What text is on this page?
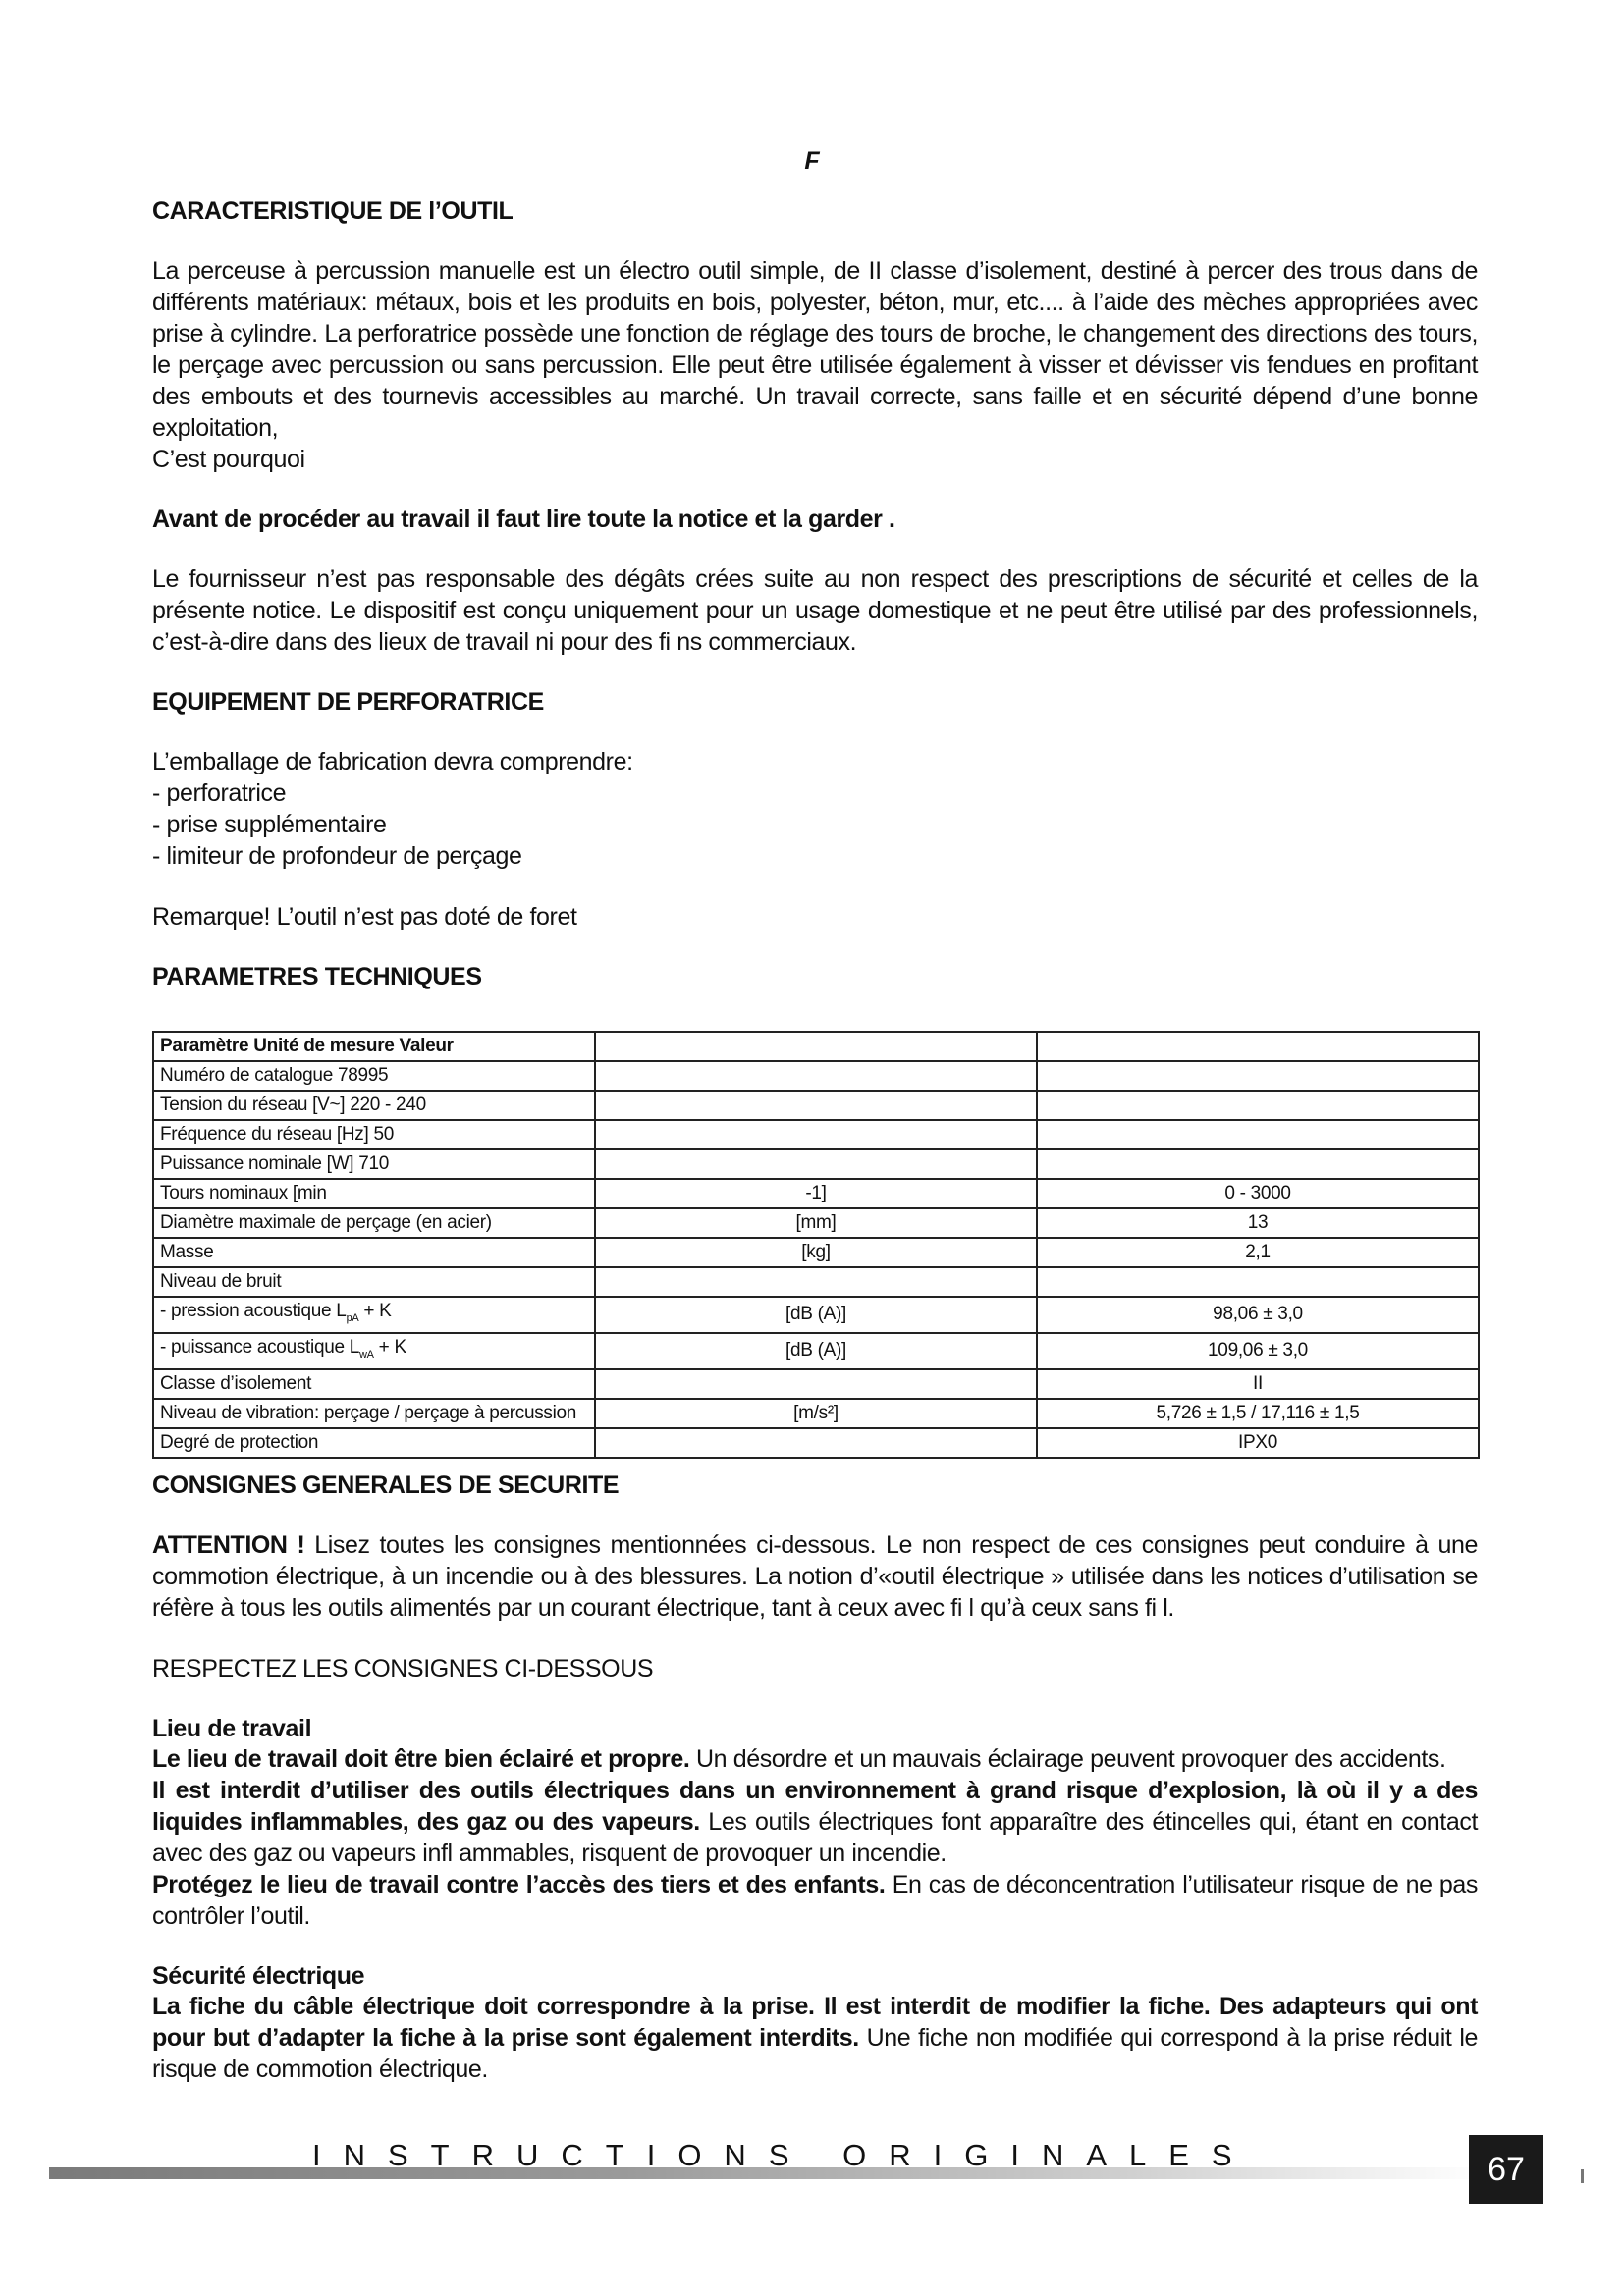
F
CARACTERISTIQUE DE l’OUTIL

La perceuse à percussion manuelle est un électro outil simple, de II classe d’isolement, destiné à percer des trous dans de différents matériaux: métaux, bois et les produits en bois, polyester, béton, mur, etc.... à l’aide des mèches appropriées avec prise à cylindre. La perforatrice possède une fonction de réglage des tours de broche, le changement des directions des tours, le perçage avec percussion ou sans percussion. Elle peut être utilisée également à visser et dévisser vis fendues en profitant des embouts et des tournevis accessibles au marché. Un travail correcte, sans faille et en sécurité dépend d’une bonne exploitation,
C’est pourquoi

Avant de procéder au travail il faut lire toute la notice et la garder .

Le fournisseur n’est pas responsable des dégâts crées suite au non respect des prescriptions de sécurité et celles de la présente notice. Le dispositif est conçu uniquement pour un usage domestique et ne peut être utilisé par des professionnels, c’est-à-dire dans des lieux de travail ni pour des fi ns commerciaux.

EQUIPEMENT DE PERFORATRICE

L’emballage de fabrication devra comprendre:

- perforatrice

- prise supplémentaire

- limiteur de profondeur de perçage

Remarque! L’outil n’est pas doté de foret

PARAMETRES TECHNIQUES
Paramètre Unité de mesure Valeur		
Numéro de catalogue 78995		
Tension du réseau [V~] 220 - 240		
Fréquence du réseau [Hz] 50		
Puissance nominale [W] 710		
Tours nominaux [min	-1]	0 - 3000
Diamètre maximale de perçage (en acier)	[mm]	13
Masse	[kg]	2,1
Niveau de bruit		
- pression acoustique $L_{pA} + K$	[dB (A)]	98,06 ± 3,0
- puissance acoustique $L_{wA} + K$	[dB (A)]	109,06 ± 3,0
Classe d’isolement		II
Niveau de vibration: perçage / perçage à percussion	[m/s²]	5,726 ± 1,5 / 17,116 ± 1,5
Degré de protection		IPX0
CONSIGNES GENERALES DE SECURITE

ATTENTION ! Lisez toutes les consignes mentionnées ci-dessous. Le non respect de ces consignes peut conduire à une commotion électrique, à un incendie ou à des blessures. La notion d’«outil électrique » utilisée dans les notices d’utilisation se réfère à tous les outils alimentés par un courant électrique, tant à ceux avec fi l qu’à ceux sans fi l.

RESPECTEZ LES CONSIGNES CI-DESSOUS

Lieu de travail

Le lieu de travail doit être bien éclairé et propre. Un désordre et un mauvais éclairage peuvent provoquer des accidents.

Il est interdit d’utiliser des outils électriques dans un environnement à grand risque d’explosion, là où il y a des liquides inflammables, des gaz ou des vapeurs. Les outils électriques font apparaître des étincelles qui, étant en contact avec des gaz ou vapeurs infl ammables, risquent de provoquer un incendie.

Protégez le lieu de travail contre l’accès des tiers et des enfants. En cas de déconcentration l’utilisateur risque de ne pas contrôler l’outil.

Sécurité électrique

La fiche du câble électrique doit correspondre à la prise. Il est interdit de modifier la fiche. Des adapteurs qui ont pour but d’adapter la fiche à la prise sont également interdits. Une fiche non modifiée qui correspond à la prise réduit le risque de commotion électrique.

INSTRUCTIONS ORIGINALES	67
